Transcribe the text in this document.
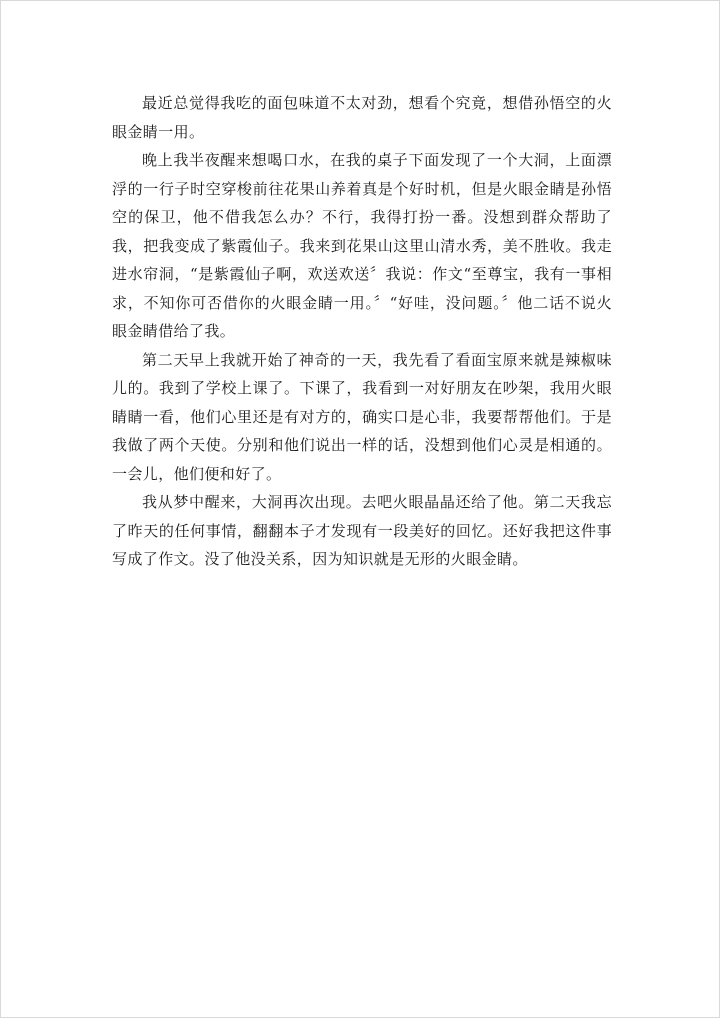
最近总觉得我吃的面包味道不太对劲，想看个究竟，想借孙悟空的火眼金睛一用。

晚上我半夜醒来想喝口水，在我的桌子下面发现了一个大洞，上面漂浮的一行子时空穿梭前往花果山养着真是个好时机，但是火眼金睛是孙悟空的保卫，他不借我怎么办？不行，我得打扮一番。没想到群众帮助了我，把我变成了紫霞仙子。我来到花果山这里山清水秀，美不胜收。我走进水帘洞，“是紫霞仙子啊，欢送欢送〞我说：作文“至尊宝，我有一事相求，不知你可否借你的火眼金睛一用。〞“好哇，没问题。〞他二话不说火眼金睛借给了我。

第二天早上我就开始了神奇的一天，我先看了看面宝原来就是辣椒味儿的。我到了学校上课了。下课了，我看到一对好朋友在吵架，我用火眼睛睛一看，他们心里还是有对方的，确实口是心非，我要帮帮他们。于是我做了两个天使。分别和他们说出一样的话，没想到他们心灵是相通的。一会儿，他们便和好了。

我从梦中醒来，大洞再次出现。去吧火眼晶晶还给了他。第二天我忘了昨天的任何事情，翻翻本子才发现有一段美好的回忆。还好我把这件事写成了作文。没了他没关系，因为知识就是无形的火眼金睛。
